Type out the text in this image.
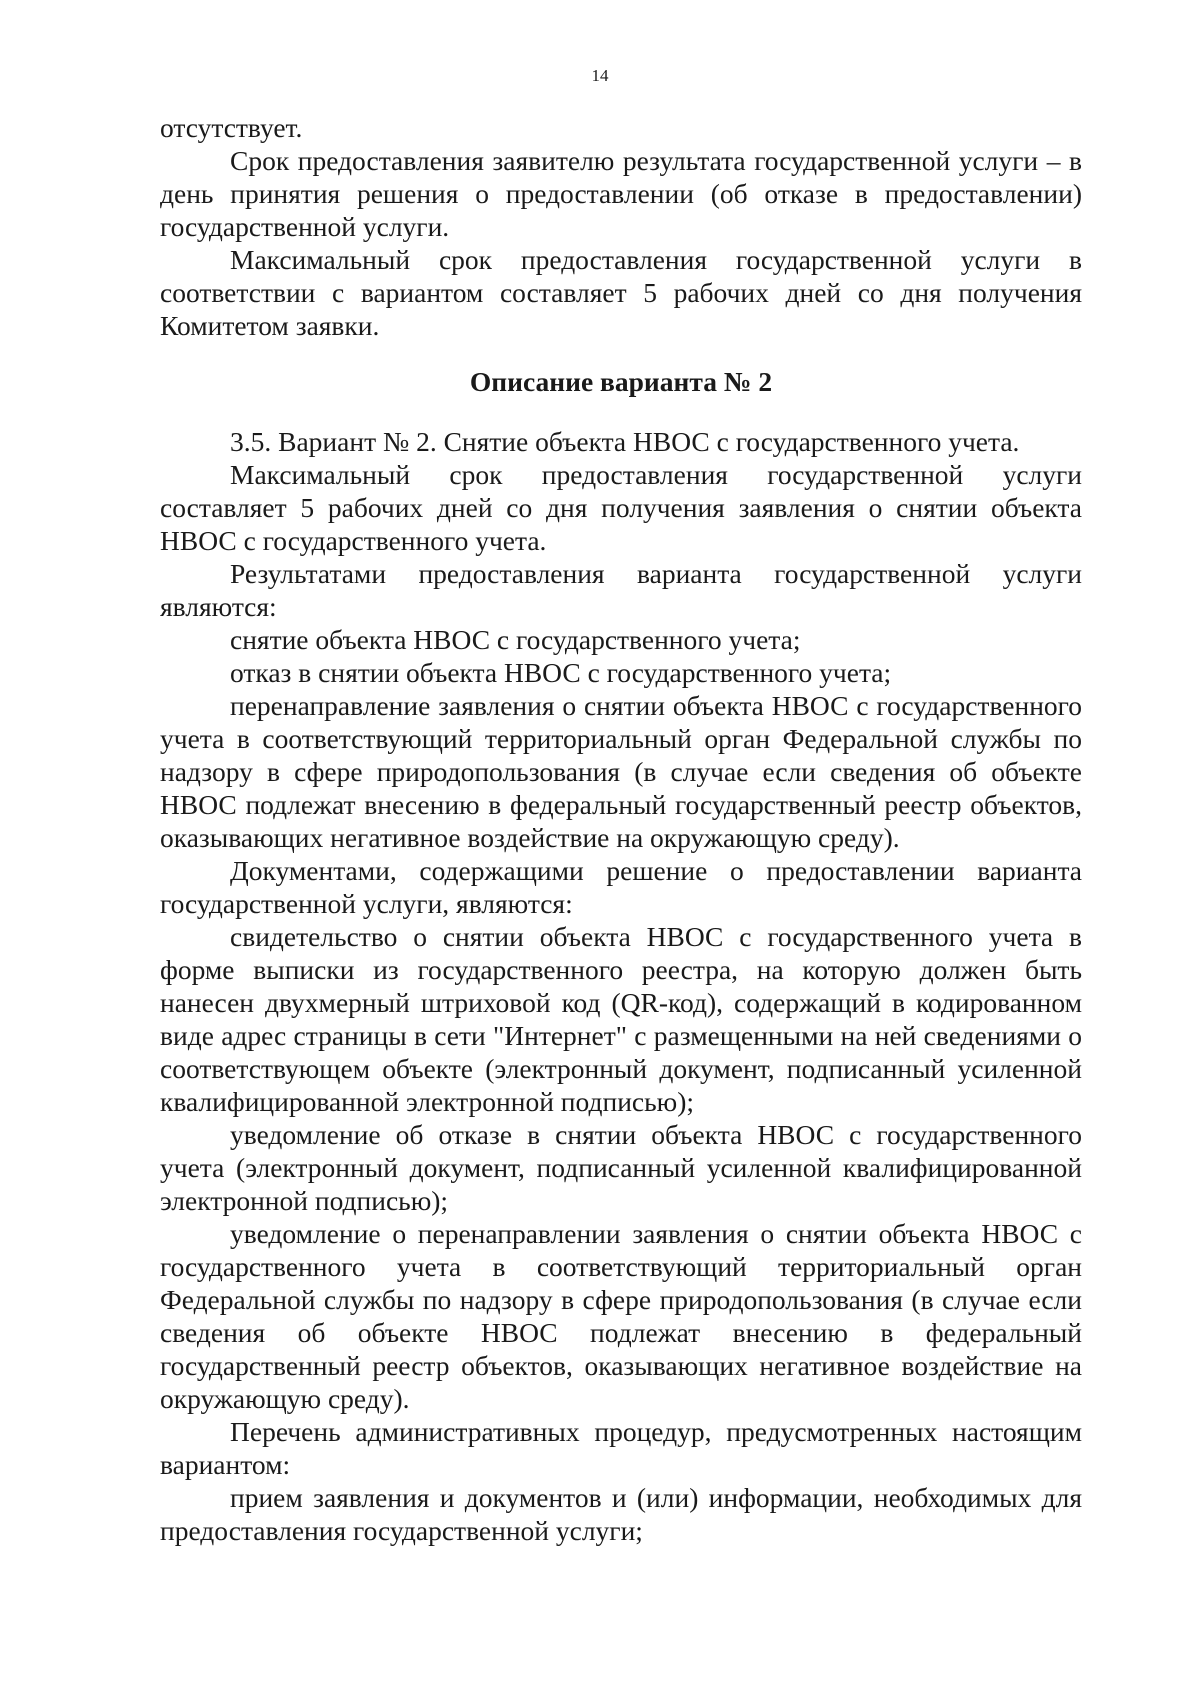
14

отсутствует.

Срок предоставления заявителю результата государственной услуги – в день принятия решения о предоставлении (об отказе в предоставлении) государственной услуги.

Максимальный срок предоставления государственной услуги в соответствии с вариантом составляет 5 рабочих дней со дня получения Комитетом заявки.

Описание варианта № 2

3.5. Вариант № 2. Снятие объекта НВОС с государственного учета.

Максимальный срок предоставления государственной услуги составляет 5 рабочих дней со дня получения заявления о снятии объекта НВОС с государственного учета.

Результатами предоставления варианта государственной услуги являются:

снятие объекта НВОС с государственного учета;

отказ в снятии объекта НВОС с государственного учета;

перенаправление заявления о снятии объекта НВОС с государственного учета в соответствующий территориальный орган Федеральной службы по надзору в сфере природопользования (в случае если сведения об объекте НВОС подлежат внесению в федеральный государственный реестр объектов, оказывающих негативное воздействие на окружающую среду).

Документами, содержащими решение о предоставлении варианта государственной услуги, являются:

свидетельство о снятии объекта НВОС с государственного учета в форме выписки из государственного реестра, на которую должен быть нанесен двухмерный штриховой код (QR-код), содержащий в кодированном виде адрес страницы в сети "Интернет" с размещенными на ней сведениями о соответствующем объекте (электронный документ, подписанный усиленной квалифицированной электронной подписью);

уведомление об отказе в снятии объекта НВОС с государственного учета (электронный документ, подписанный усиленной квалифицированной электронной подписью);

уведомление о перенаправлении заявления о снятии объекта НВОС с государственного учета в соответствующий территориальный орган Федеральной службы по надзору в сфере природопользования (в случае если сведения об объекте НВОС подлежат внесению в федеральный государственный реестр объектов, оказывающих негативное воздействие на окружающую среду).

Перечень административных процедур, предусмотренных настоящим вариантом:

прием заявления и документов и (или) информации, необходимых для предоставления государственной услуги;
